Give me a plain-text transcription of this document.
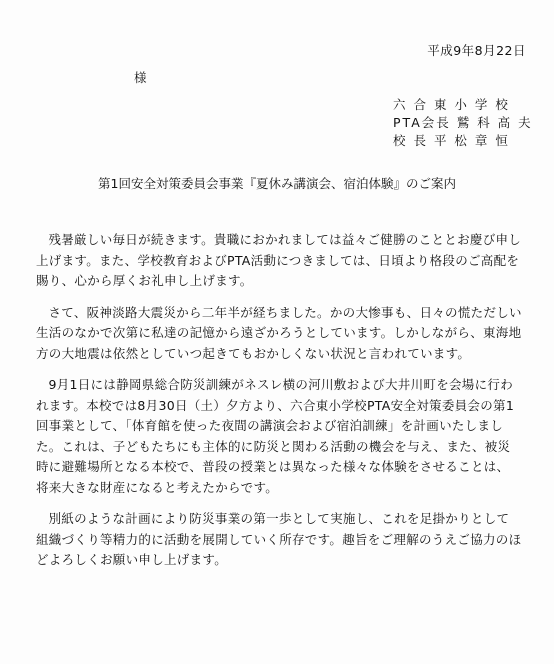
平成9年8月22日
様
六 合 東 小 学 校
PTA会長 鷲 科 高 夫
校 長 平 松 章 恒
第1回安全対策委員会事業『夏休み講演会、宿泊体験』のご案内

残暑厳しい毎日が続きます。貴職におかれましては益々ご健勝のこととお慶び申し上げます。また、学校教育およびPTA活動につきましては、日頃より格段のご高配を賜り、心から厚くお礼申し上げます。

さて、阪神淡路大震災から二年半が経ちました。かの大惨事も、日々の慌ただしい生活のなかで次第に私達の記憶から遠ざかろうとしています。しかしながら、東海地方の大地震は依然としていつ起きてもおかしくない状況と言われています。

9月1日には静岡県総合防災訓練がネスレ横の河川敷および大井川町を会場に行われます。本校では8月30日（土）夕方より、六合東小学校PTA安全対策委員会の第1回事業として、「体育館を使った夜間の講演会および宿泊訓練」を計画いたしました。これは、子どもたちにも主体的に防災と関わる活動の機会を与え、また、被災時に避難場所となる本校で、普段の授業とは異なった様々な体験をさせることは、将来大きな財産になると考えたからです。

別紙のような計画により防災事業の第一歩として実施し、これを足掛かりとして組織づくり等精力的に活動を展開していく所存です。趣旨をご理解のうえご協力のほどよろしくお願い申し上げます。
